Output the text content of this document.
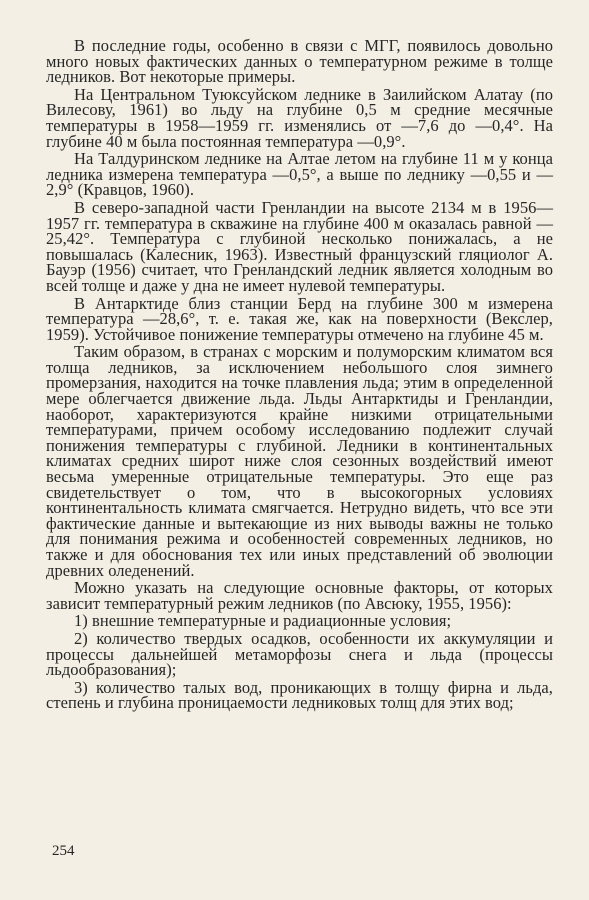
В последние годы, особенно в связи с МГГ, появилось довольно много новых фактических данных о температурном режиме в толще ледников. Вот некоторые примеры.

На Центральном Туюксуйском леднике в Заилийском Алатау (по Вилесову, 1961) во льду на глубине 0,5 м средние месячные температуры в 1958—1959 гг. изменялись от —7,6 до —0,4°. На глубине 40 м была постоянная температура —0,9°.

На Талдуринском леднике на Алтае летом на глубине 11 м у конца ледника измерена температура —0,5°, а выше по леднику —0,55 и —2,9° (Кравцов, 1960).

В северо-западной части Гренландии на высоте 2134 м в 1956—1957 гг. температура в скважине на глубине 400 м оказалась равной —25,42°. Температура с глубиной несколько понижалась, а не повышалась (Калесник, 1963). Известный французский гляциолог А. Бауэр (1956) считает, что Гренландский ледник является холодным во всей толще и даже у дна не имеет нулевой температуры.

В Антарктиде близ станции Берд на глубине 300 м измерена температура —28,6°, т. е. такая же, как на поверхности (Векслер, 1959). Устойчивое понижение температуры отмечено на глубине 45 м.

Таким образом, в странах с морским и полуморским климатом вся толща ледников, за исключением небольшого слоя зимнего промерзания, находится на точке плавления льда; этим в определенной мере облегчается движение льда. Льды Антарктиды и Гренландии, наоборот, характеризуются крайне низкими отрицательными температурами, причем особому исследованию подлежит случай понижения температуры с глубиной. Ледники в континентальных климатах средних широт ниже слоя сезонных воздействий имеют весьма умеренные отрицательные температуры. Это еще раз свидетельствует о том, что в высокогорных условиях континентальность климата смягчается. Нетрудно видеть, что все эти фактические данные и вытекающие из них выводы важны не только для понимания режима и особенностей современных ледников, но также и для обоснования тех или иных представлений об эволюции древних оледенений.

Можно указать на следующие основные факторы, от которых зависит температурный режим ледников (по Авсюку, 1955, 1956):

1) внешние температурные и радиационные условия;

2) количество твердых осадков, особенности их аккумуляции и процессы дальнейшей метаморфозы снега и льда (процессы льдообразования);

3) количество талых вод, проникающих в толщу фирна и льда, степень и глубина проницаемости ледниковых толщ для этих вод;

254
